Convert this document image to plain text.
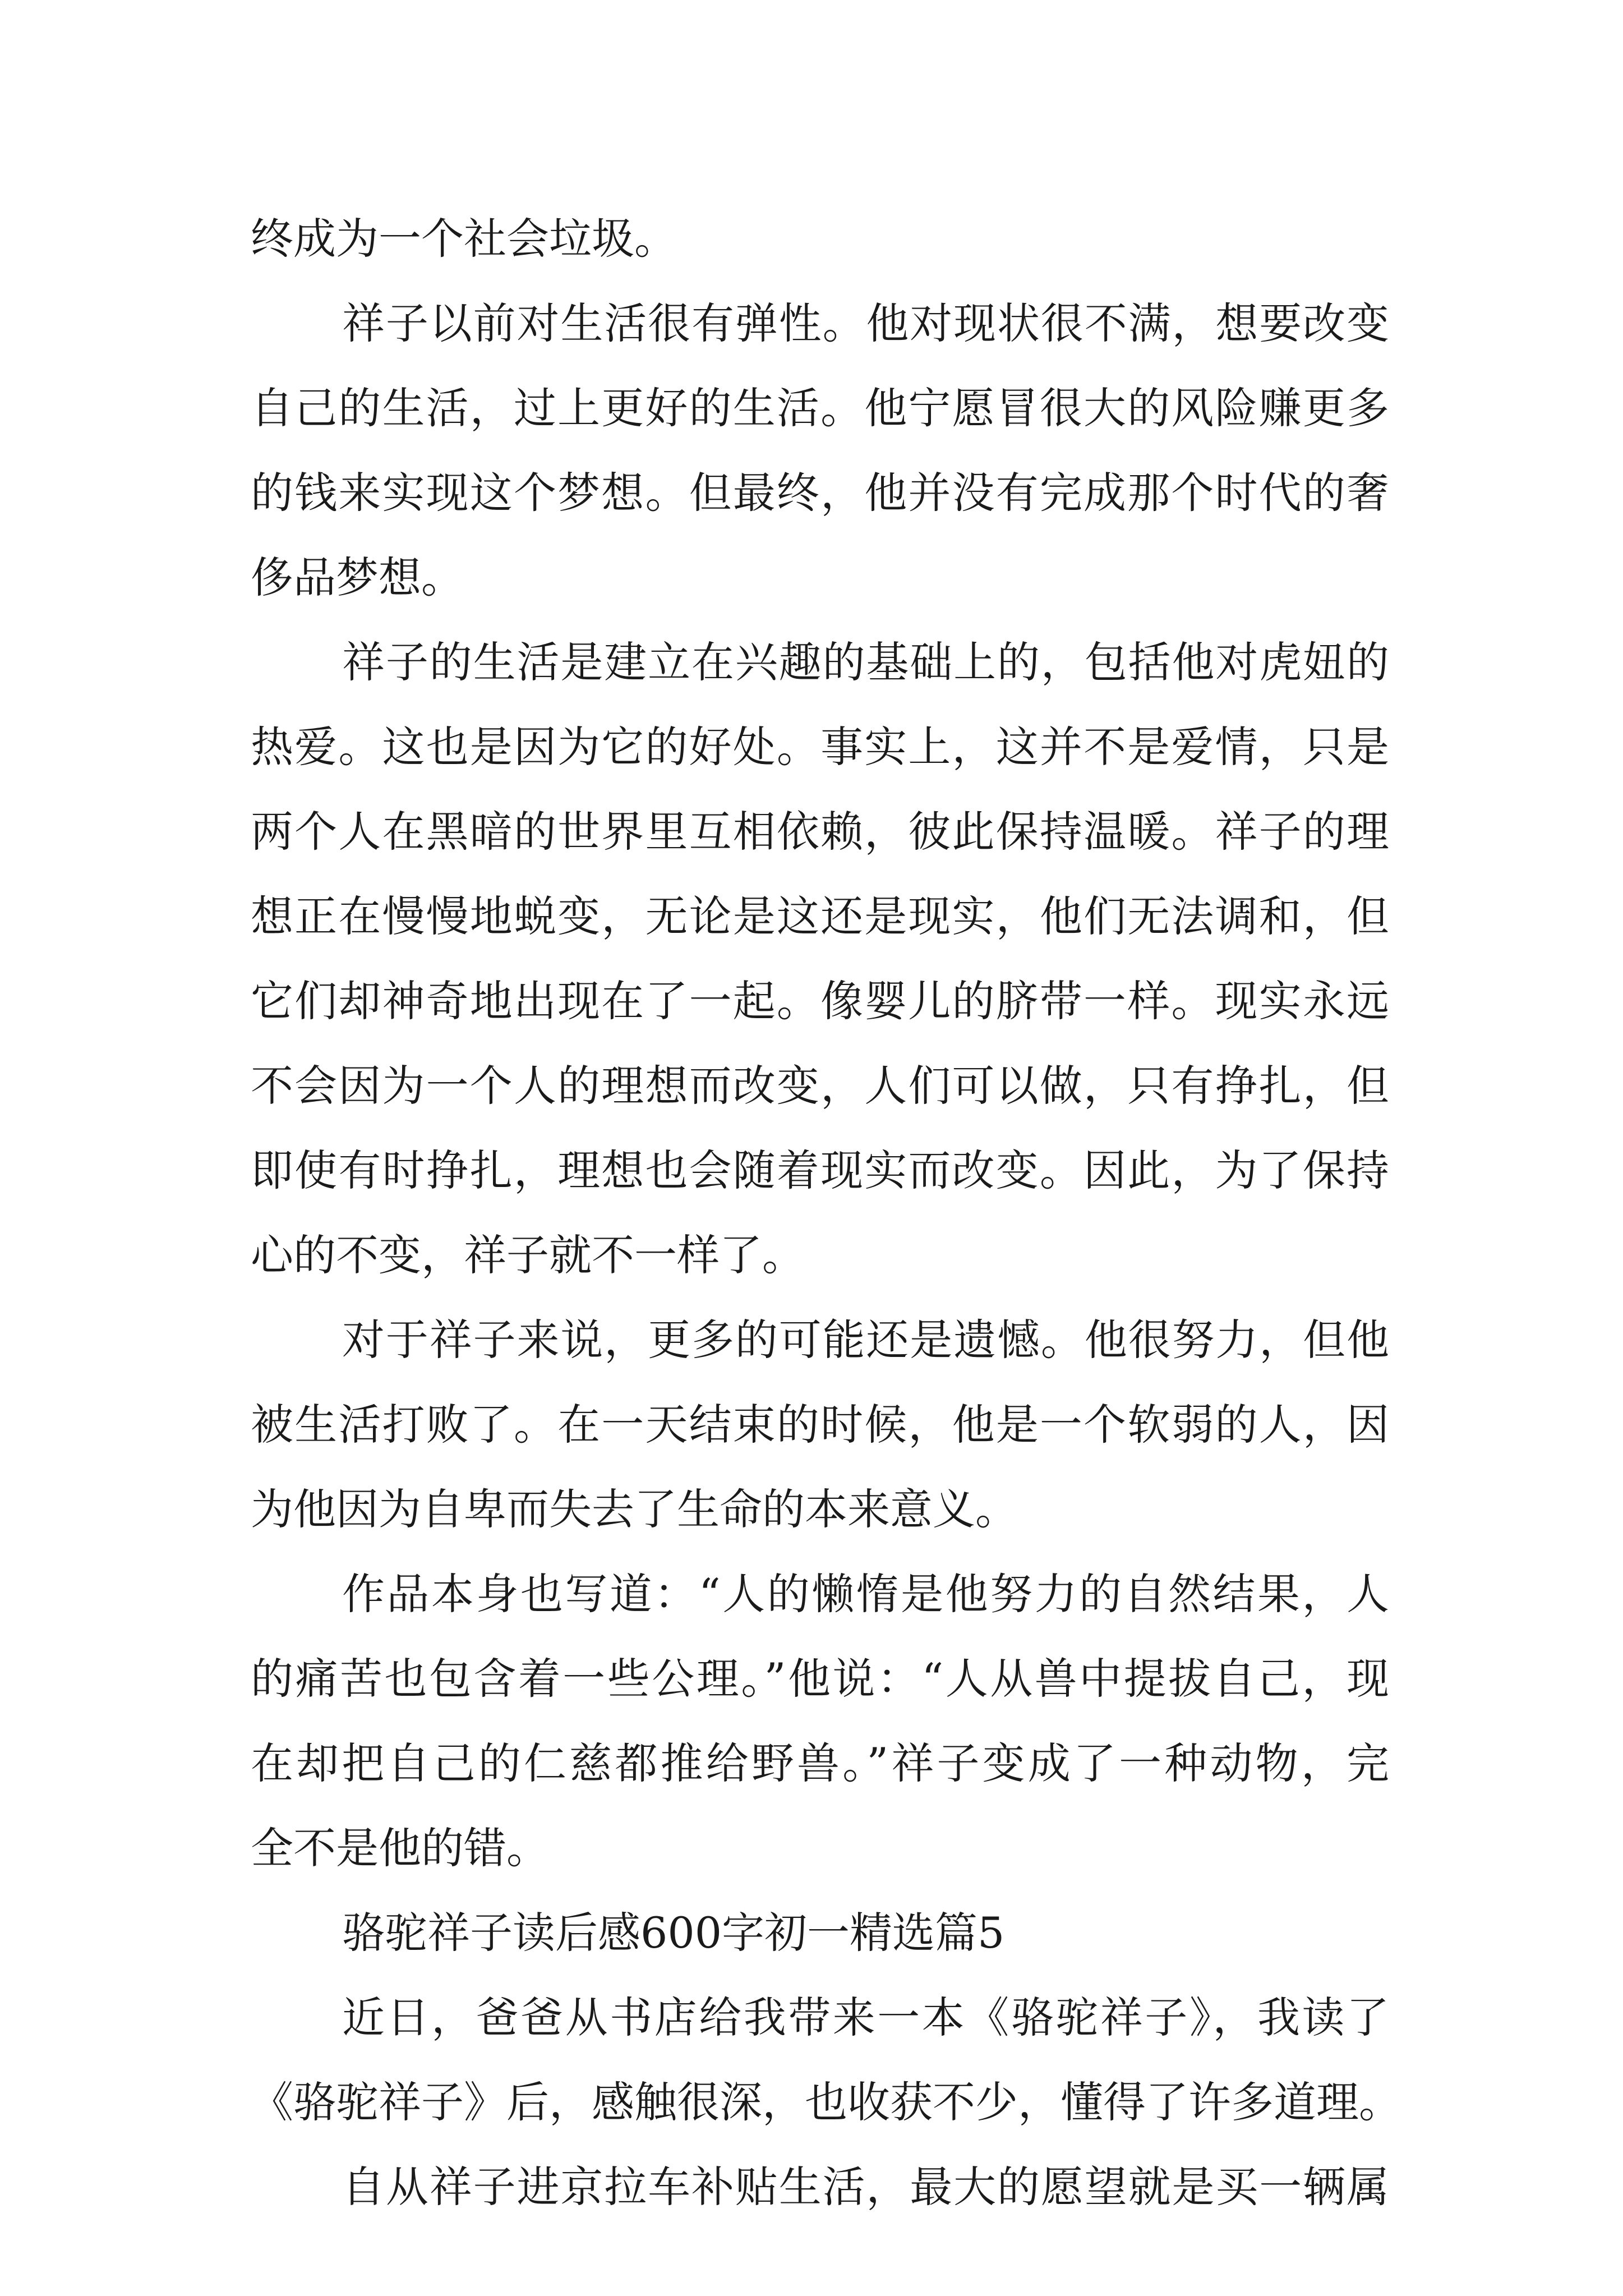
终成为一个社会垃圾。
祥子以前对生活很有弹性。他对现状很不满，想要改变
自己的生活，过上更好的生活。他宁愿冒很大的风险赚更多
的钱来实现这个梦想。但最终，他并没有完成那个时代的奢
侈品梦想。
祥子的生活是建立在兴趣的基础上的，包括他对虎妞的
热爱。这也是因为它的好处。事实上，这并不是爱情，只是
两个人在黑暗的世界里互相依赖，彼此保持温暖。祥子的理
想正在慢慢地蜕变，无论是这还是现实，他们无法调和，但
它们却神奇地出现在了一起。像婴儿的脐带一样。现实永远
不会因为一个人的理想而改变，人们可以做，只有挣扎，但
即使有时挣扎，理想也会随着现实而改变。因此，为了保持
心的不变，祥子就不一样了。
对于祥子来说，更多的可能还是遗憾。他很努力，但他
被生活打败了。在一天结束的时候，他是一个软弱的人，因
为他因为自卑而失去了生命的本来意义。
作品本身也写道：“人的懒惰是他努力的自然结果，人
的痛苦也包含着一些公理。”他说：“人从兽中提拔自己，现
在却把自己的仁慈都推给野兽。”祥子变成了一种动物，完
全不是他的错。
骆驼祥子读后感600字初一精选篇5
近日，爸爸从书店给我带来一本《骆驼祥子》，我读了
《骆驼祥子》后，感触很深，也收获不少，懂得了许多道理。
自从祥子进京拉车补贴生活，最大的愿望就是买一辆属
